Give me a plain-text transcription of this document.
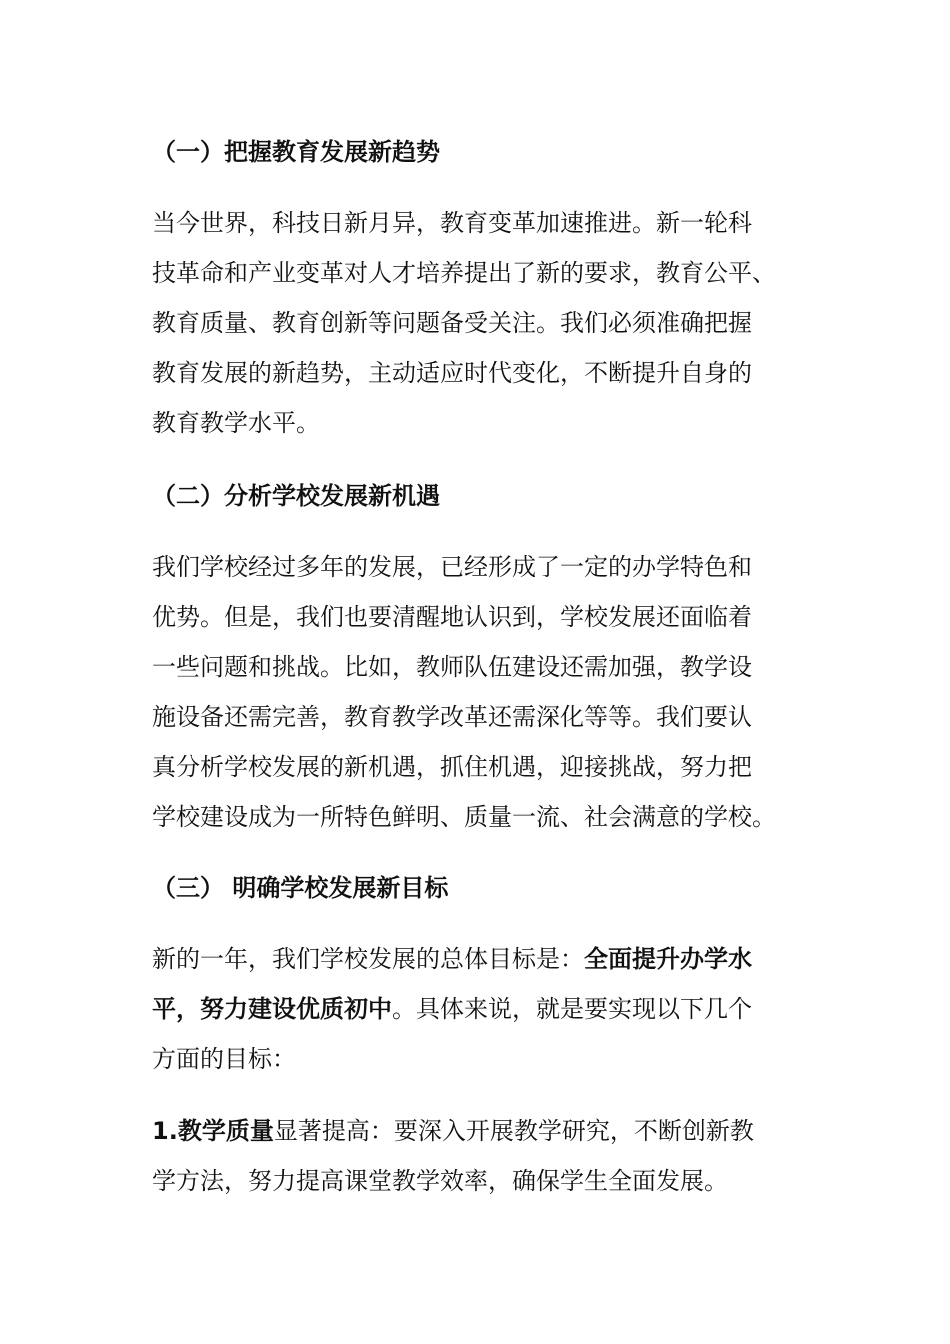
（一）把握教育发展新趋势
当今世界，科技日新月异，教育变革加速推进。新一轮科
技革命和产业变革对人才培养提出了新的要求，教育公平、
教育质量、教育创新等问题备受关注。我们必须准确把握
教育发展的新趋势，主动适应时代变化，不断提升自身的
教育教学水平。
（二）分析学校发展新机遇
我们学校经过多年的发展，已经形成了一定的办学特色和
优势。但是，我们也要清醒地认识到，学校发展还面临着
一些问题和挑战。比如，教师队伍建设还需加强，教学设
施设备还需完善，教育教学改革还需深化等等。我们要认
真分析学校发展的新机遇，抓住机遇，迎接挑战，努力把
学校建设成为一所特色鲜明、质量一流、社会满意的学校。
（三） 明确学校发展新目标
新的一年，我们学校发展的总体目标是：全面提升办学水
平，努力建设优质初中。具体来说，就是要实现以下几个
方面的目标：
1.教学质量显著提高：要深入开展教学研究，不断创新教
学方法，努力提高课堂教学效率，确保学生全面发展。
